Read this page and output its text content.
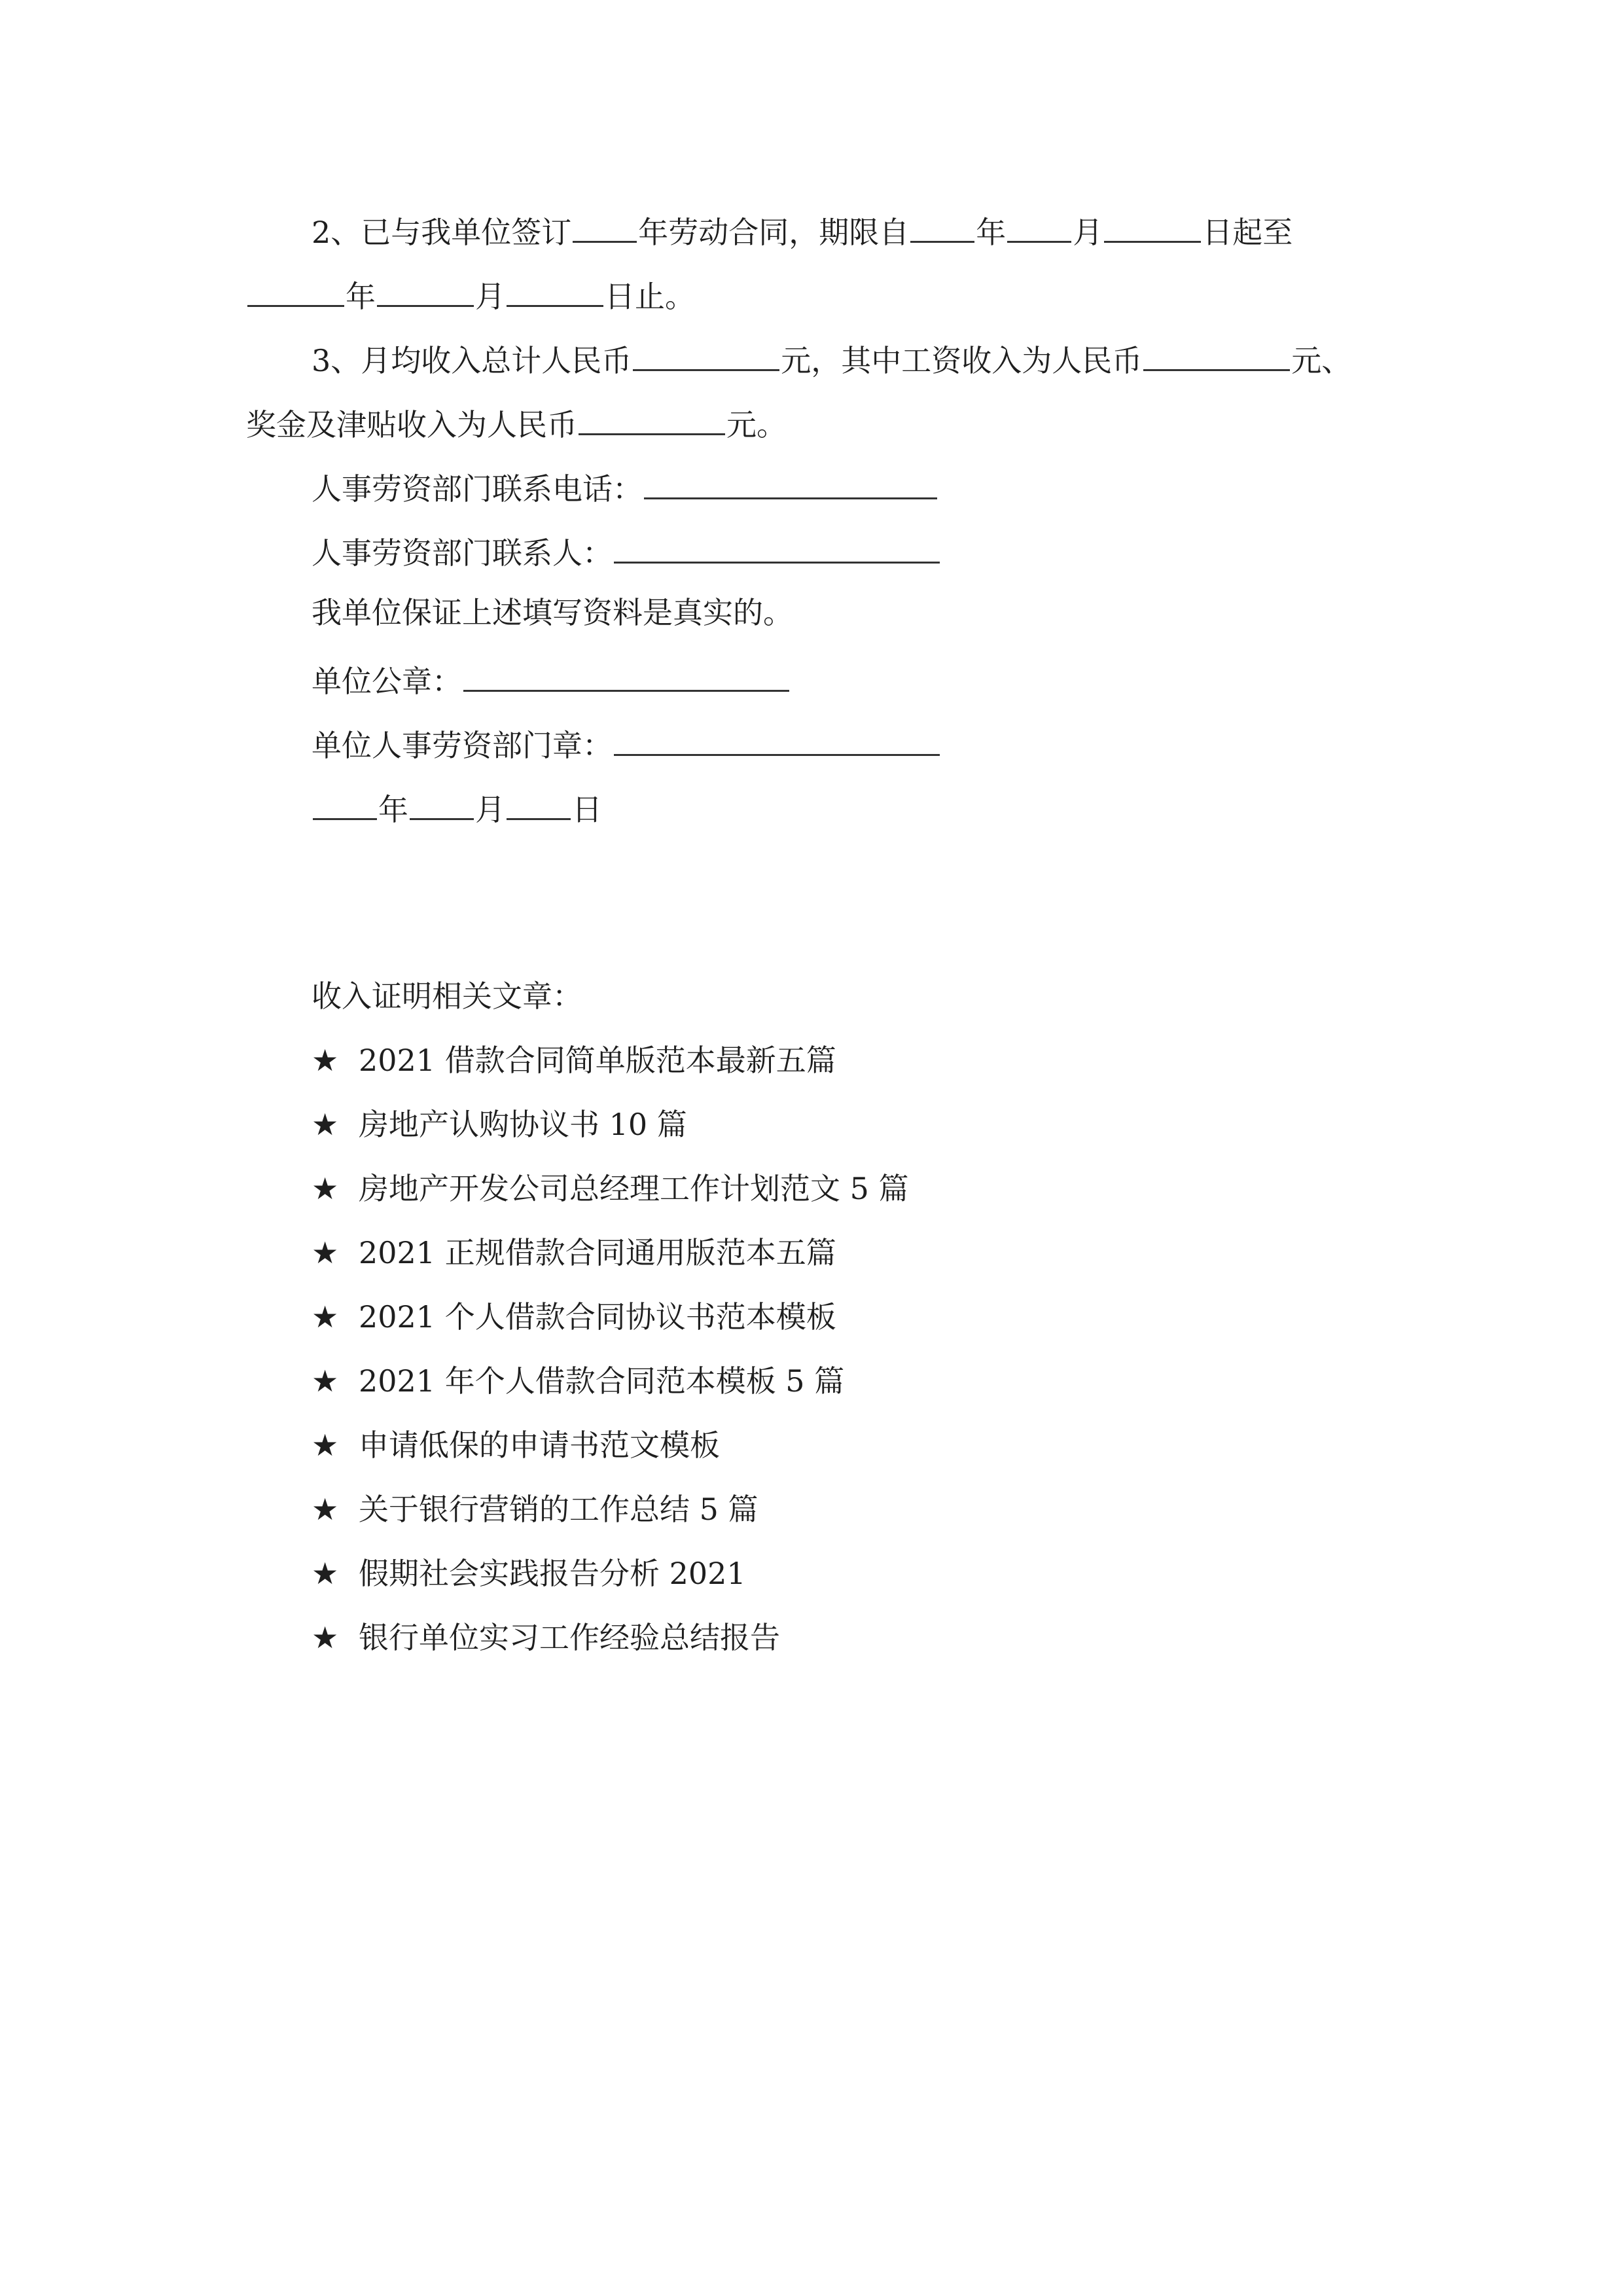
2、已与我单位签订 年劳动合同，期限自 年 月	日起至
年	月	日止。
3、月均收入总计人民币	元，其中工资收入为人民币	元、
奖金及津贴收入为人民币	元。
人事劳资部门联系电话：
人事劳资部门联系人：
我单位保证上述填写资料是真实的。
单位公章：
单位人事劳资部门章：
年 月 日
收入证明相关文章：
★ 2021 借款合同简单版范本最新五篇
★ 房地产认购协议书 10 篇
★ 房地产开发公司总经理工作计划范文 5 篇
★ 2021 正规借款合同通用版范本五篇
★ 2021 个人借款合同协议书范本模板
★ 2021 年个人借款合同范本模板 5 篇
★ 申请低保的申请书范文模板
★ 关于银行营销的工作总结 5 篇
★ 假期社会实践报告分析 2021
★ 银行单位实习工作经验总结报告
